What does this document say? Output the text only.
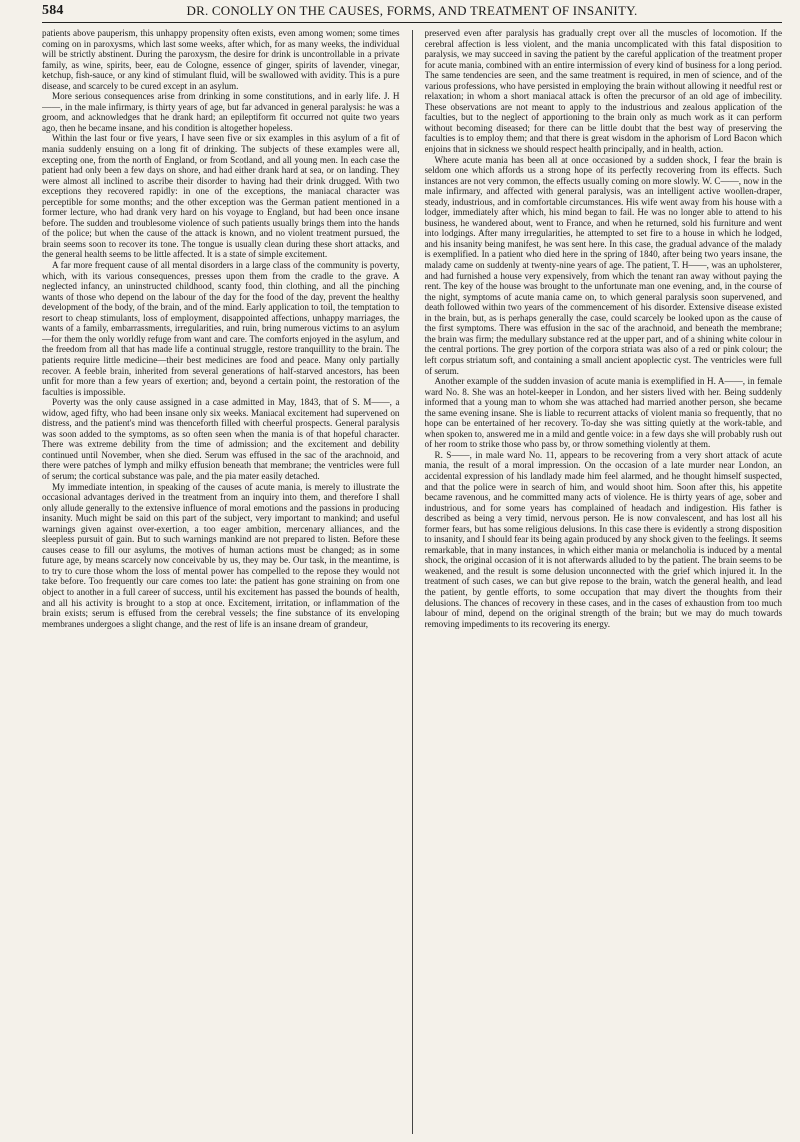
584	DR. CONOLLY ON THE CAUSES, FORMS, AND TREATMENT OF INSANITY.

patients above pauperism, this unhappy propensity often exists, even among women; some times coming on in paroxysms, which last some weeks, after which, for as many weeks, the individual will be strictly abstinent. During the paroxysm, the desire for drink is uncontrollable in a private family, as wine, spirits, beer, eau de Cologne, essence of ginger, spirits of lavender, vinegar, ketchup, fish-sauce, or any kind of stimulant fluid, will be swallowed with avidity. This is a pure disease, and scarcely to be cured except in an asylum.

More serious consequences arise from drinking in some constitutions, and in early life. J. H——, in the male infirmary, is thirty years of age, but far advanced in general paralysis: he was a groom, and acknowledges that he drank hard; an epileptiform fit occurred not quite two years ago, then he became insane, and his condition is altogether hopeless.

Within the last four or five years, I have seen five or six examples in this asylum of a fit of mania suddenly ensuing on a long fit of drinking. The subjects of these examples were all, excepting one, from the north of England, or from Scotland, and all young men. In each case the patient had only been a few days on shore, and had either drank hard at sea, or on landing. They were almost all inclined to ascribe their disorder to having had their drink drugged. With two exceptions they recovered rapidly: in one of the exceptions, the maniacal character was perceptible for some months; and the other exception was the German patient mentioned in a former lecture, who had drank very hard on his voyage to England, but had been once insane before. The sudden and troublesome violence of such patients usually brings them into the hands of the police; but when the cause of the attack is known, and no violent treatment pursued, the brain seems soon to recover its tone. The tongue is usually clean during these short attacks, and the general health seems to be little affected. It is a state of simple excitement.

A far more frequent cause of all mental disorders in a large class of the community is poverty, which, with its various consequences, presses upon them from the cradle to the grave. A neglected infancy, an uninstructed childhood, scanty food, thin clothing, and all the pinching wants of those who depend on the labour of the day for the food of the day, prevent the healthy development of the body, of the brain, and of the mind. Early application to toil, the temptation to resort to cheap stimulants, loss of employment, disappointed affections, unhappy marriages, the wants of a family, embarrassments, irregularities, and ruin, bring numerous victims to an asylum—for them the only worldly refuge from want and care. The comforts enjoyed in the asylum, and the freedom from all that has made life a continual struggle, restore tranquillity to the brain. The patients require little medicine—their best medicines are food and peace. Many only partially recover. A feeble brain, inherited from several generations of half-starved ancestors, has been unfit for more than a few years of exertion; and, beyond a certain point, the restoration of the faculties is impossible.

Poverty was the only cause assigned in a case admitted in May, 1843, that of S. M——, a widow, aged fifty, who had been insane only six weeks. Maniacal excitement had supervened on distress, and the patient's mind was thenceforth filled with cheerful prospects. General paralysis was soon added to the symptoms, as so often seen when the mania is of that hopeful character. There was extreme debility from the time of admission; and the excitement and debility continued until November, when she died. Serum was effused in the sac of the arachnoid, and there were patches of lymph and milky effusion beneath that membrane; the ventricles were full of serum; the cortical substance was pale, and the pia mater easily detached.

My immediate intention, in speaking of the causes of acute mania, is merely to illustrate the occasional advantages derived in the treatment from an inquiry into them, and therefore I shall only allude generally to the extensive influence of moral emotions and the passions in producing insanity. Much might be said on this part of the subject, very important to mankind; and useful warnings given against over-exertion, a too eager ambition, mercenary alliances, and the sleepless pursuit of gain. But to such warnings mankind are not prepared to listen. Before these causes cease to fill our asylums, the motives of human actions must be changed; as in some future age, by means scarcely now conceivable by us, they may be. Our task, in the meantime, is to try to cure those whom the loss of mental power has compelled to the repose they would not take before. Too frequently our care comes too late: the patient has gone straining on from one object to another in a full career of success, until his excitement has passed the bounds of health, and all his activity is brought to a stop at once. Excitement, irritation, or inflammation of the brain exists; serum is effused from the cerebral vessels; the fine substance of its enveloping membranes undergoes a slight change, and the rest of life is an insane dream of grandeur,

preserved even after paralysis has gradually crept over all the muscles of locomotion. If the cerebral affection is less violent, and the mania uncomplicated with this fatal disposition to paralysis, we may succeed in saving the patient by the careful application of the treatment proper for acute mania, combined with an entire intermission of every kind of business for a long period. The same tendencies are seen, and the same treatment is required, in men of science, and of the various professions, who have persisted in employing the brain without allowing it needful rest or relaxation; in whom a short maniacal attack is often the precursor of an old age of imbecility. These observations are not meant to apply to the industrious and zealous application of the faculties, but to the neglect of apportioning to the brain only as much work as it can perform without becoming diseased; for there can be little doubt that the best way of preserving the faculties is to employ them; and that there is great wisdom in the aphorism of Lord Bacon which enjoins that in sickness we should respect health principally, and in health, action.

Where acute mania has been all at once occasioned by a sudden shock, I fear the brain is seldom one which affords us a strong hope of its perfectly recovering from its effects. Such instances are not very common, the effects usually coming on more slowly. W. C——, now in the male infirmary, and affected with general paralysis, was an intelligent active woollen-draper, steady, industrious, and in comfortable circumstances. His wife went away from his house with a lodger, immediately after which, his mind began to fail. He was no longer able to attend to his business, he wandered about, went to France, and when he returned, sold his furniture and went into lodgings. After many irregularities, he attempted to set fire to a house in which he lodged, and his insanity being manifest, he was sent here. In this case, the gradual advance of the malady is exemplified. In a patient who died here in the spring of 1840, after being two years insane, the malady came on suddenly at twenty-nine years of age. The patient, T. H——, was an upholsterer, and had furnished a house very expensively, from which the tenant ran away without paying the rent. The key of the house was brought to the unfortunate man one evening, and, in the course of the night, symptoms of acute mania came on, to which general paralysis soon supervened, and death followed within two years of the commencement of his disorder. Extensive disease existed in the brain, but, as is perhaps generally the case, could scarcely be looked upon as the cause of the first symptoms. There was effusion in the sac of the arachnoid, and beneath the membrane; the brain was firm; the medullary substance red at the upper part, and of a shining white colour in the central portions. The grey portion of the corpora striata was also of a red or pink colour; the left corpus striatum soft, and containing a small ancient apoplectic cyst. The ventricles were full of serum.

Another example of the sudden invasion of acute mania is exemplified in H. A——, in female ward No. 8. She was an hotel-keeper in London, and her sisters lived with her. Being suddenly informed that a young man to whom she was attached had married another person, she became the same evening insane. She is liable to recurrent attacks of violent mania so frequently, that no hope can be entertained of her recovery. To-day she was sitting quietly at the work-table, and when spoken to, answered me in a mild and gentle voice: in a few days she will probably rush out of her room to strike those who pass by, or throw something violently at them.

R. S——, in male ward No. 11, appears to be recovering from a very short attack of acute mania, the result of a moral impression. On the occasion of a late murder near London, an accidental expression of his landlady made him feel alarmed, and he thought himself suspected, and that the police were in search of him, and would shoot him. Soon after this, his appetite became ravenous, and he committed many acts of violence. He is thirty years of age, sober and industrious, and for some years has complained of headach and indigestion. His father is described as being a very timid, nervous person. He is now convalescent, and has lost all his former fears, but has some religious delusions. In this case there is evidently a strong disposition to insanity, and I should fear its being again produced by any shock given to the feelings. It seems remarkable, that in many instances, in which either mania or melancholia is induced by a mental shock, the original occasion of it is not afterwards alluded to by the patient. The brain seems to be weakened, and the result is some delusion unconnected with the grief which injured it. In the treatment of such cases, we can but give repose to the brain, watch the general health, and lead the patient, by gentle efforts, to some occupation that may divert the thoughts from their delusions. The chances of recovery in these cases, and in the cases of exhaustion from too much labour of mind, depend on the original strength of the brain; but we may do much towards removing impediments to its recovering its energy.
